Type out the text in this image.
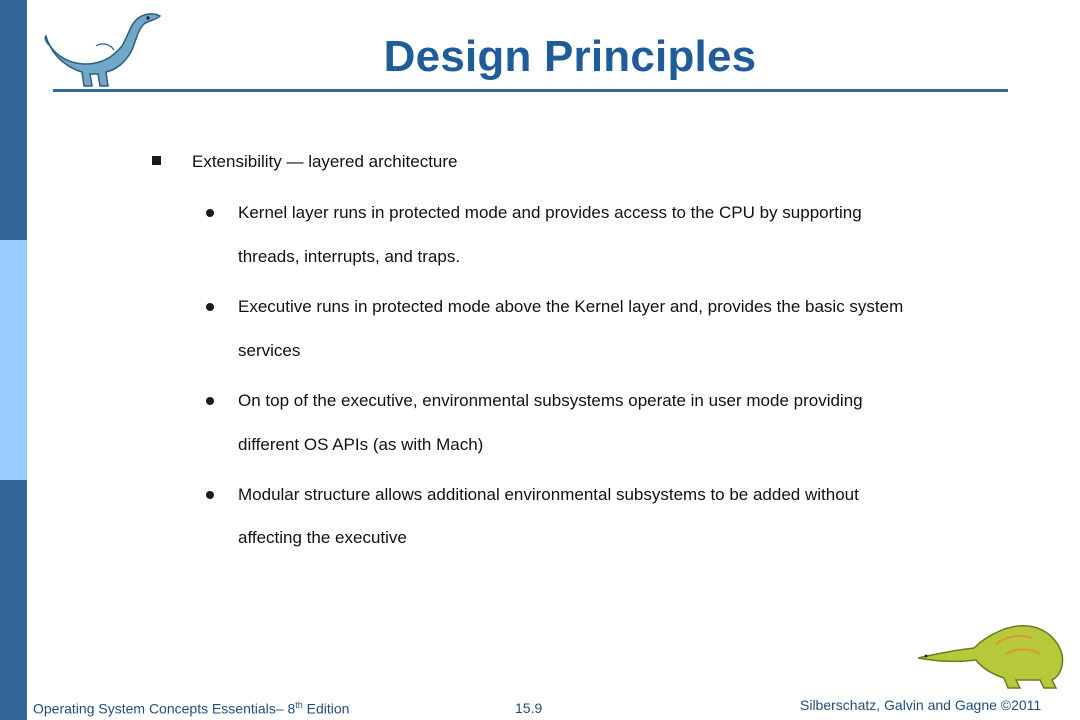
Design Principles
Extensibility — layered architecture
Kernel layer runs in protected mode and provides access to the CPU by supporting
threads, interrupts, and traps.
Executive runs in protected mode above the Kernel layer and, provides the basic system
services
On top of the executive, environmental subsystems operate in user mode providing
different OS APIs (as with Mach)
Modular structure allows additional environmental subsystems to be added without
affecting the executive
Operating System Concepts Essentials– 8th Edition	15.9	Silberschatz, Galvin and Gagne ©2011
